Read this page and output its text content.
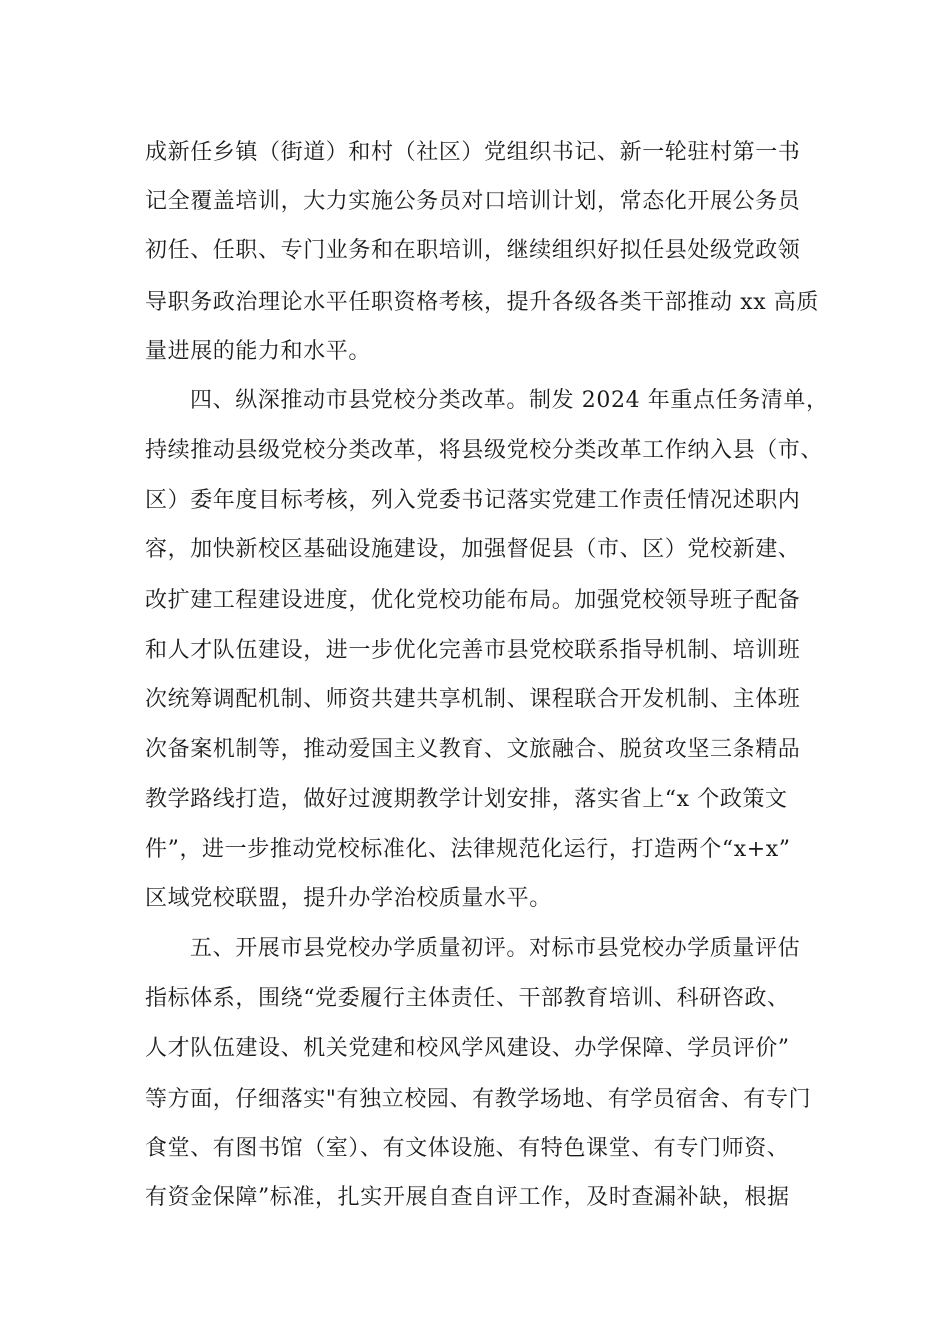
成新任乡镇（街道）和村（社区）党组织书记、新一轮驻村第一书
记全覆盖培训，大力实施公务员对口培训计划，常态化开展公务员
初任、任职、专门业务和在职培训，继续组织好拟任县处级党政领
导职务政治理论水平任职资格考核，提升各级各类干部推动 xx 高质
量进展的能力和水平。
四、纵深推动市县党校分类改革。制发 2024 年重点任务清单，
持续推动县级党校分类改革，将县级党校分类改革工作纳入县（市、
区）委年度目标考核，列入党委书记落实党建工作责任情况述职内
容，加快新校区基础设施建设，加强督促县（市、区）党校新建、
改扩建工程建设进度，优化党校功能布局。加强党校领导班子配备
和人才队伍建设，进一步优化完善市县党校联系指导机制、培训班
次统筹调配机制、师资共建共享机制、课程联合开发机制、主体班
次备案机制等，推动爱国主义教育、文旅融合、脱贫攻坚三条精品
教学路线打造，做好过渡期教学计划安排，落实省上“x 个政策文
件”，进一步推动党校标准化、法律规范化运行，打造两个“x+x”
区域党校联盟，提升办学治校质量水平。
五、开展市县党校办学质量初评。对标市县党校办学质量评估
指标体系，围绕“党委履行主体责任、干部教育培训、科研咨政、
人才队伍建设、机关党建和校风学风建设、办学保障、学员评价”
等方面，仔细落实"有独立校园、有教学场地、有学员宿舍、有专门
食堂、有图书馆（室）、有文体设施、有特色课堂、有专门师资、
有资金保障”标准，扎实开展自查自评工作，及时查漏补缺，根据
